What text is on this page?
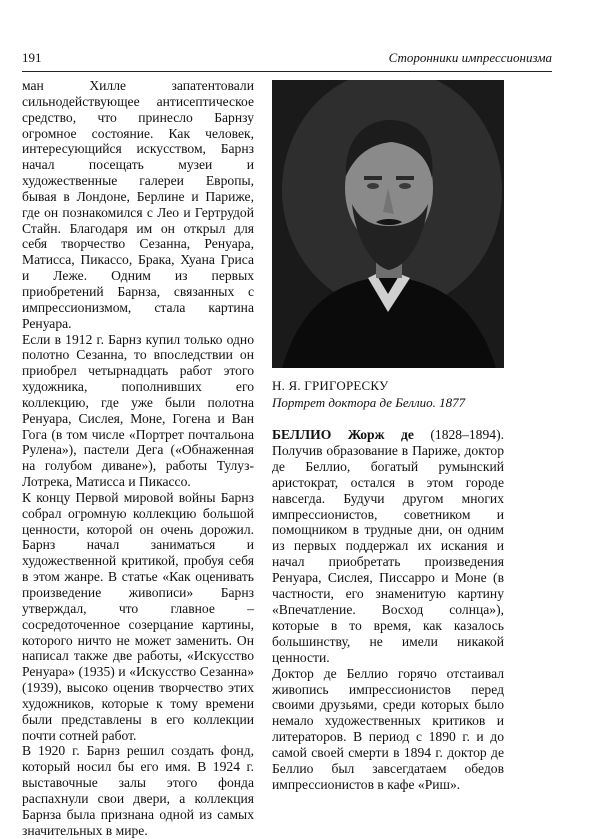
191	Сторонники импрессионизма

ман Хилле запатентовали сильнодействующее антисептическое средство, что принесло Барнзу огромное состояние. Как человек, интересующийся искусством, Барнз начал посещать музеи и художественные галереи Европы, бывая в Лондоне, Берлине и Париже, где он познакомился с Лео и Гертрудой Стайн. Благодаря им он открыл для себя творчество Сезанна, Ренуара, Матисса, Пикассо, Брака, Хуана Гриса и Леже. Одним из первых приобретений Барнза, связанных с импрессионизмом, стала картина Ренуара.

Если в 1912 г. Барнз купил только одно полотно Сезанна, то впоследствии он приобрел четырнадцать работ этого художника, пополнивших его коллекцию, где уже были полотна Ренуара, Сислея, Моне, Гогена и Ван Гога (в том числе «Портрет почтальона Рулена»), пастели Дега («Обнаженная на голубом диване»), работы Тулуз-Лотрека, Матисса и Пикассо.

К концу Первой мировой войны Барнз собрал огромную коллекцию большой ценности, которой он очень дорожил. Барнз начал заниматься и художественной критикой, пробуя себя в этом жанре. В статье «Как оценивать произведение живописи» Барнз утверждал, что главное – сосредоточенное созерцание картины, которого ничто не может заменить. Он написал также две работы, «Искусство Ренуара» (1935) и «Искусство Сезанна» (1939), высоко оценив творчество этих художников, которые к тому времени были представлены в его коллекции почти сотней работ.

В 1920 г. Барнз решил создать фонд, который носил бы его имя. В 1924 г. выставочные залы этого фонда распахнули свои двери, а коллекция Барнза была признана одной из самых значительных в мире.

Н. Я. ГРИГОРЕСКУ
Портрет доктора де Беллио. 1877

БЕЛЛИО Жорж де (1828–1894). Получив образование в Париже, доктор де Беллио, богатый румынский аристократ, остался в этом городе навсегда. Будучи другом многих импрессионистов, советником и помощником в трудные дни, он одним из первых поддержал их искания и начал приобретать произведения Ренуара, Сислея, Писсарро и Моне (в частности, его знаменитую картину «Впечатление. Восход солнца»), которые в то время, как казалось большинству, не имели никакой ценности.

Доктор де Беллио горячо отстаивал живопись импрессионистов перед своими друзьями, среди которых было немало художественных критиков и литераторов. В период с 1890 г. и до самой своей смерти в 1894 г. доктор де Беллио был завсегдатаем обедов импрессионистов в кафе «Риш».
